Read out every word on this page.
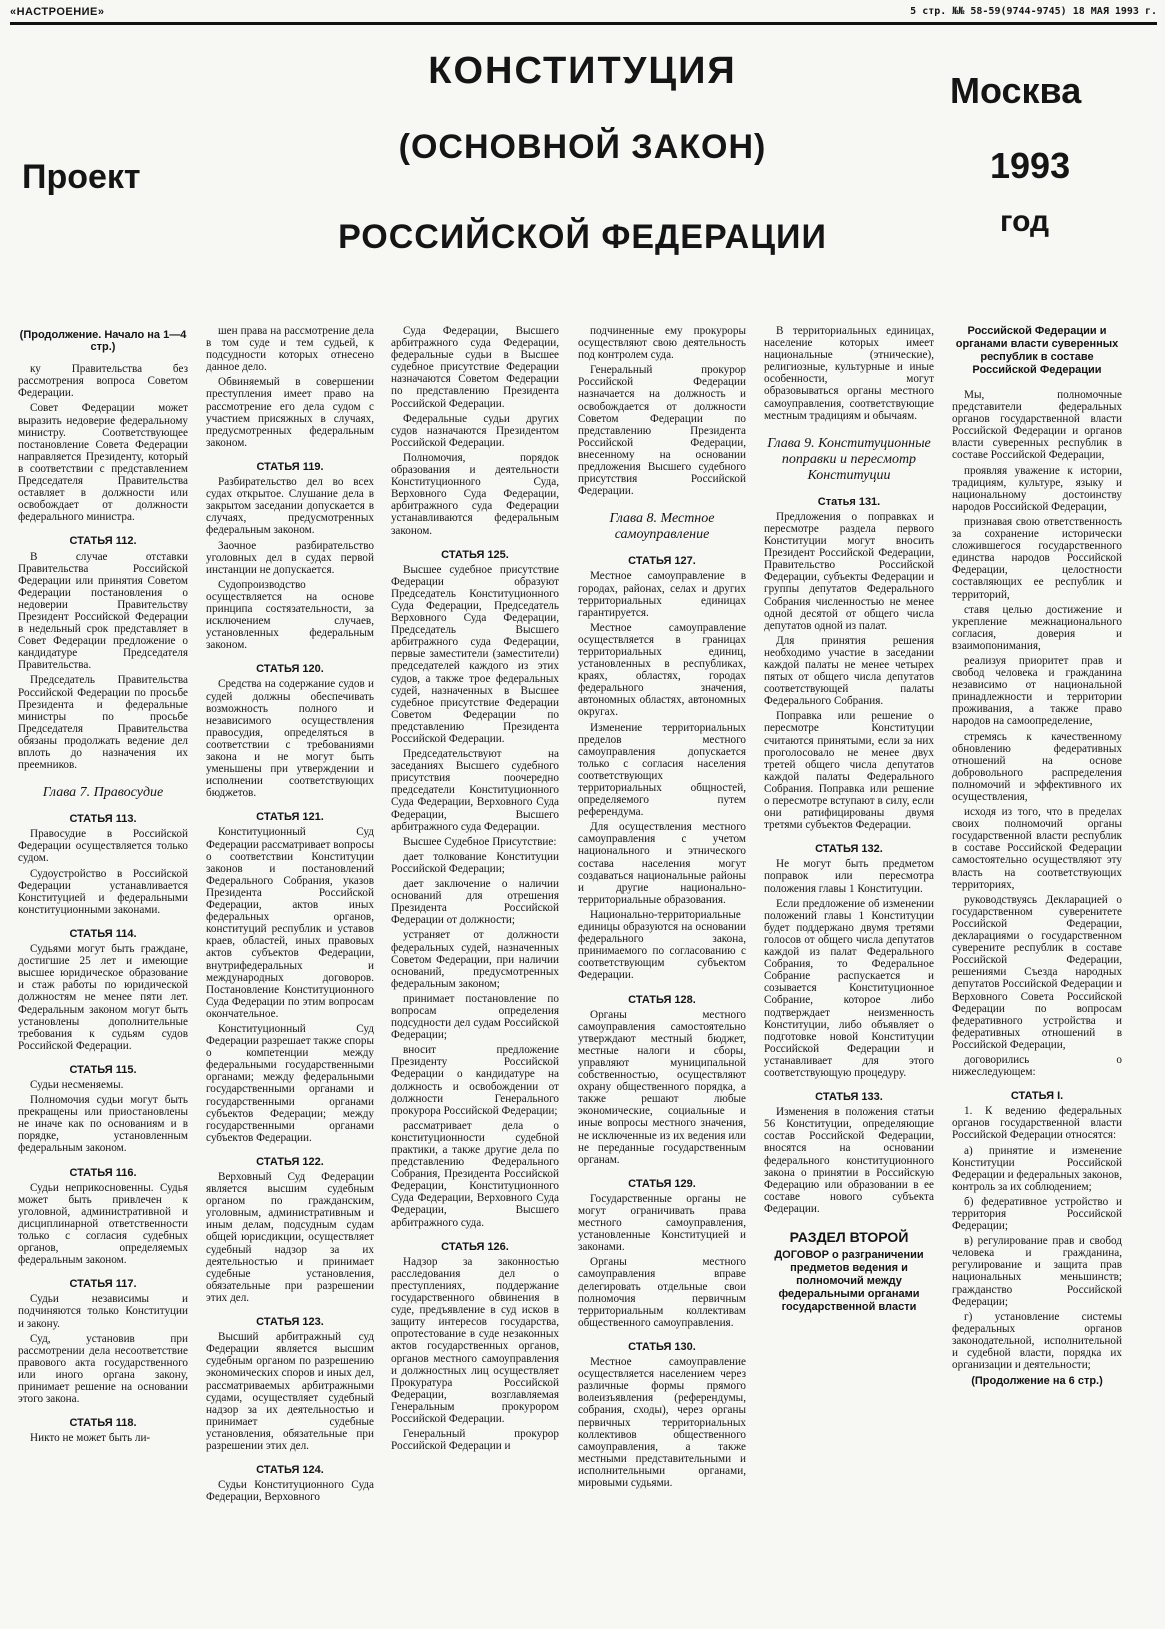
«НАСТРОЕНИЕ»	5 стр. №№ 58-59(9744-9745) 18 МАЯ 1993 г.
Проект
КОНСТИТУЦИЯ
(ОСНОВНОЙ ЗАКОН)
РОССИЙСКОЙ ФЕДЕРАЦИИ
Москва
1993
год
(Продолжение. Начало на 1—4 стр.)

ку Правительства без рассмотрения вопроса Советом Федерации.

Совет Федерации может выразить недоверие федеральному министру. Соответствующее постановление Совета Федерации направляется Президенту, который в соответствии с представлением Председателя Правительства оставляет в должности или освобождает от должности федерального министра.

СТАТЬЯ 112.

В случае отставки Правительства Российской Федерации или принятия Советом Федерации постановления о недоверии Правительству Президент Российской Федерации в недельный срок представляет в Совет Федерации предложение о кандидатуре Председателя Правительства.

Председатель Правительства Российской Федерации по просьбе Президента и федеральные министры по просьбе Председателя Правительства обязаны продолжать ведение дел вплоть до назначения их преемников.

Глава 7. Правосудие
СТАТЬЯ 113.

Правосудие в Российской Федерации осуществляется только судом.

Судоустройство в Российской Федерации устанавливается Конституцией и федеральными конституционными законами.

СТАТЬЯ 114.

Судьями могут быть граждане, достигшие 25 лет и имеющие высшее юридическое образование и стаж работы по юридической должностям не менее пяти лет. Федеральным законом могут быть установлены дополнительные требования к судьям судов Российской Федерации.

СТАТЬЯ 115.

Судьи несменяемы.

Полномочия судьи могут быть прекращены или приостановлены не иначе как по основаниям и в порядке, установленным федеральным законом.

СТАТЬЯ 116.

Судьи неприкосновенны. Судья может быть привлечен к уголовной, административной и дисциплинарной ответственности только с согласия судебных органов, определяемых федеральным законом.

СТАТЬЯ 117.

Судьи независимы и подчиняются только Конституции и закону.

Суд, установив при рассмотрении дела несоответствие правового акта государственного или иного органа закону, принимает решение на основании этого закона.

СТАТЬЯ 118.

Никто не может быть ли-

шен права на рассмотрение дела в том суде и тем судьей, к подсудности которых отнесено данное дело.

Обвиняемый в совершении преступления имеет право на рассмотрение его дела судом с участием присяжных в случаях, предусмотренных федеральным законом.

СТАТЬЯ 119.

Разбирательство дел во всех судах открытое. Слушание дела в закрытом заседании допускается в случаях, предусмотренных федеральным законом.

Заочное разбирательство уголовных дел в судах первой инстанции не допускается.

Судопроизводство осуществляется на основе принципа состязательности, за исключением случаев, установленных федеральным законом.

СТАТЬЯ 120.

Средства на содержание судов и судей должны обеспечивать возможность полного и независимого осуществления правосудия, определяться в соответствии с требованиями закона и не могут быть уменьшены при утверждении и исполнении соответствующих бюджетов.

СТАТЬЯ 121.

Конституционный Суд Федерации рассматривает вопросы о соответствии Конституции законов и постановлений Федерального Собрания, указов Президента Российской Федерации, актов иных федеральных органов, конституций республик и уставов краев, областей, иных правовых актов субъектов Федерации, внутрифедеральных и международных договоров. Постановление Конституционного Суда Федерации по этим вопросам окончательное.

Конституционный Суд Федерации разрешает также споры о компетенции между федеральными государственными органами; между федеральными государственными органами и государственными органами субъектов Федерации; между государственными органами субъектов Федерации.

СТАТЬЯ 122.

Верховный Суд Федерации является высшим судебным органом по гражданским, уголовным, административным и иным делам, подсудным судам общей юрисдикции, осуществляет судебный надзор за их деятельностью и принимает судебные установления, обязательные при разрешении этих дел.

СТАТЬЯ 123.

Высший арбитражный суд Федерации является высшим судебным органом по разрешению экономических споров и иных дел, рассматриваемых арбитражными судами, осуществляет судебный надзор за их деятельностью и принимает судебные установления, обязательные при разрешении этих дел.

СТАТЬЯ 124.

Судьи Конституционного Суда Федерации, Верховного

Суда Федерации, Высшего арбитражного суда Федерации, федеральные судьи в Высшее судебное присутствие Федерации назначаются Советом Федерации по представлению Президента Российской Федерации.

Федеральные судьи других судов назначаются Президентом Российской Федерации.

Полномочия, порядок образования и деятельности Конституционного Суда, Верховного Суда Федерации, арбитражного суда Федерации устанавливаются федеральным законом.

СТАТЬЯ 125.

Высшее судебное присутствие Федерации образуют Председатель Конституционного Суда Федерации, Председатель Верховного Суда Федерации, Председатель Высшего арбитражного суда Федерации, первые заместители (заместители) председателей каждого из этих судов, а также трое федеральных судей, назначенных в Высшее судебное присутствие Федерации Советом Федерации по представлению Президента Российской Федерации.

Председательствуют на заседаниях Высшего судебного присутствия поочередно председатели Конституционного Суда Федерации, Верховного Суда Федерации, Высшего арбитражного суда Федерации.

Высшее Судебное Присутствие:

дает толкование Конституции Российской Федерации;

дает заключение о наличии оснований для отрешения Президента Российской Федерации от должности;

устраняет от должности федеральных судей, назначенных Советом Федерации, при наличии оснований, предусмотренных федеральным законом;

принимает постановление по вопросам определения подсудности дел судам Российской Федерации;

вносит предложение Президенту Российской Федерации о кандидатуре на должность и освобождении от должности Генерального прокурора Российской Федерации;

рассматривает дела о конституционности судебной практики, а также другие дела по представлению Федерального Собрания, Президента Российской Федерации, Конституционного Суда Федерации, Верховного Суда Федерации, Высшего арбитражного суда.

СТАТЬЯ 126.

Надзор за законностью расследования дел о преступлениях, поддержание государственного обвинения в суде, предъявление в суд исков в защиту интересов государства, опротестование в суде незаконных актов государственных органов, органов местного самоуправления и должностных лиц осуществляет Прокуратура Российской Федерации, возглавляемая Генеральным прокурором Российской Федерации.

Генеральный прокурор Российской Федерации и

подчиненные ему прокуроры осуществляют свою деятельность под контролем суда.

Генеральный прокурор Российской Федерации назначается на должность и освобождается от должности Советом Федерации по представлению Президента Российской Федерации, внесенному на основании предложения Высшего судебного присутствия Российской Федерации.

Глава 8. Местное самоуправление
СТАТЬЯ 127.

Местное самоуправление в городах, районах, селах и других территориальных единицах гарантируется.

Местное самоуправление осуществляется в границах территориальных единиц, установленных в республиках, краях, областях, городах федерального значения, автономных областях, автономных округах.

Изменение территориальных пределов местного самоуправления допускается только с согласия населения соответствующих территориальных общностей, определяемого путем референдума.

Для осуществления местного самоуправления с учетом национального и этнического состава населения могут создаваться национальные районы и другие национально-территориальные образования.

Национально-территориальные единицы образуются на основании федерального закона, принимаемого по согласованию с соответствующим субъектом Федерации.

СТАТЬЯ 128.

Органы местного самоуправления самостоятельно утверждают местный бюджет, местные налоги и сборы, управляют муниципальной собственностью, осуществляют охрану общественного порядка, а также решают любые экономические, социальные и иные вопросы местного значения, не исключенные из их ведения или не переданные государственным органам.

СТАТЬЯ 129.

Государственные органы не могут ограничивать права местного самоуправления, установленные Конституцией и законами.

Органы местного самоуправления вправе делегировать отдельные свои полномочия первичным территориальным коллективам общественного самоуправления.

СТАТЬЯ 130.

Местное самоуправление осуществляется населением через различные формы прямого волеизъявления (референдумы, собрания, сходы), через органы первичных территориальных коллективов общественного самоуправления, а также местными представительными и исполнительными органами, мировыми судьями.

В территориальных единицах, население которых имеет национальные (этнические), религиозные, культурные и иные особенности, могут образовываться органы местного самоуправления, соответствующие местным традициям и обычаям.

Глава 9. Конституционные поправки и пересмотр Конституции
Статья 131.

Предложения о поправках и пересмотре раздела первого Конституции могут вносить Президент Российской Федерации, Правительство Российской Федерации, субъекты Федерации и группы депутатов Федерального Собрания численностью не менее одной десятой от общего числа депутатов одной из палат.

Для принятия решения необходимо участие в заседании каждой палаты не менее четырех пятых от общего числа депутатов соответствующей палаты Федерального Собрания.

Поправка или решение о пересмотре Конституции считаются принятыми, если за них проголосовало не менее двух третей общего числа депутатов каждой палаты Федерального Собрания. Поправка или решение о пересмотре вступают в силу, если они ратифицированы двумя третями субъектов Федерации.

СТАТЬЯ 132.

Не могут быть предметом поправок или пересмотра положения главы 1 Конституции.

Если предложение об изменении положений главы 1 Конституции будет поддержано двумя третями голосов от общего числа депутатов каждой из палат Федерального Собрания, то Федеральное Собрание распускается и созывается Конституционное Собрание, которое либо подтверждает неизменность Конституции, либо объявляет о подготовке новой Конституции Российской Федерации и устанавливает для этого соответствующую процедуру.

СТАТЬЯ 133.

Изменения в положения статьи 56 Конституции, определяющие состав Российской Федерации, вносятся на основании федерального конституционного закона о принятии в Российскую Федерацию или образовании в ее составе нового субъекта Федерации.

РАЗДЕЛ ВТОРОЙ
ДОГОВОР о разграничении предметов ведения и полномочий между федеральными органами государственной власти
Российской Федерации и органами власти суверенных республик в составе Российской Федерации

Мы, полномочные представители федеральных органов государственной власти Российской Федерации и органов власти суверенных республик в составе Российской Федерации,

проявляя уважение к истории, традициям, культуре, языку и национальному достоинству народов Российской Федерации,

признавая свою ответственность за сохранение исторически сложившегося государственного единства народов Российской Федерации, целостности составляющих ее республик и территорий,

ставя целью достижение и укрепление межнационального согласия, доверия и взаимопонимания,

реализуя приоритет прав и свобод человека и гражданина независимо от национальной принадлежности и территории проживания, а также право народов на самоопределение,

стремясь к качественному обновлению федеративных отношений на основе добровольного распределения полномочий и эффективного их осуществления,

исходя из того, что в пределах своих полномочий органы государственной власти республик в составе Российской Федерации самостоятельно осуществляют эту власть на соответствующих территориях,

руководствуясь Декларацией о государственном суверенитете Российской Федерации, декларациями о государственном суверените республик в составе Российской Федерации, решениями Съезда народных депутатов Российской Федерации и Верховного Совета Российской Федерации по вопросам федеративного устройства и федеративных отношений в Российской Федерации,

договорились о нижеследующем:

СТАТЬЯ I.

1. К ведению федеральных органов государственной власти Российской Федерации относятся:

а) принятие и изменение Конституции Российской Федерации и федеральных законов, контроль за их соблюдением;

б) федеративное устройство и территория Российской Федерации;

в) регулирование прав и свобод человека и гражданина, регулирование и защита прав национальных меньшинств; гражданство Российской Федерации;

г) установление системы федеральных органов законодательной, исполнительной и судебной власти, порядка их организации и деятельности;

(Продолжение на 6 стр.)
